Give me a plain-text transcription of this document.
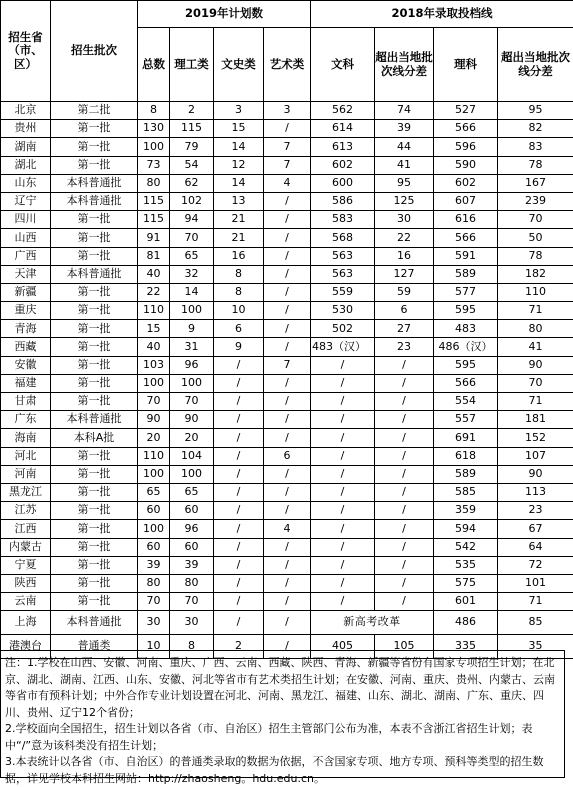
招生省（市、区）	招生批次	2019年计划数				2018年录取投档线			
		总数	理工类	文史类	艺术类	文科	超出当地批次线分差	理科	超出当地批次线分差
北京	第二批	8	2	3	3	562	74	527	95
贵州	第一批	130	115	15	/	614	39	566	82
湖南	第一批	100	79	14	7	613	44	596	83
湖北	第一批	73	54	12	7	602	41	590	78
山东	本科普通批	80	62	14	4	600	95	602	167
辽宁	本科普通批	115	102	13	/	586	125	607	239
四川	第一批	115	94	21	/	583	30	616	70
山西	第一批	91	70	21	/	568	22	566	50
广西	第一批	81	65	16	/	563	16	591	78
天津	本科普通批	40	32	8	/	563	127	589	182
新疆	第一批	22	14	8	/	559	59	577	110
重庆	第一批	110	100	10	/	530	6	595	71
青海	第一批	15	9	6	/	502	27	483	80
西藏	第一批	40	31	9	/	483（汉）	23	486（汉）	41
安徽	第一批	103	96	/	7	/	/	595	90
福建	第一批	100	100	/	/	/	/	566	70
甘肃	第一批	70	70	/	/	/	/	554	71
广东	本科普通批	90	90	/	/	/	/	557	181
海南	本科A批	20	20	/	/	/	/	691	152
河北	第一批	110	104	/	6	/	/	618	107
河南	第一批	100	100	/	/	/	/	589	90
黑龙江	第一批	65	65	/	/	/	/	585	113
江苏	第一批	60	60	/	/	/	/	359	23
江西	第一批	100	96	/	4	/	/	594	67
内蒙古	第一批	60	60	/	/	/	/	542	64
宁夏	第一批	39	39	/	/	/	/	535	72
陕西	第一批	80	80	/	/	/	/	575	101
云南	第一批	70	70	/	/	/	/	601	71
上海	本科普通批	30	30	/	/	新高考改革		486	85
港澳台	普通类	10	8	2	/	405	105	335	35

注：1.学校在山西、安徽、河南、重庆、广西、云南、西藏、陕西、青海、新疆等省份有国家专项招生计划；在北京、湖北、湖南、江西、山东、安徽、河北等省市有艺术类招生计划；在安徽、河南、重庆、贵州、内蒙古、云南等省市有预科计划；中外合作专业计划设置在河北、河南、黑龙江、福建、山东、湖北、湖南、广东、重庆、四川、贵州、辽宁12个省份；

2.学校面向全国招生，招生计划以各省（市、自治区）招生主管部门公布为准，本表不含浙江省招生计划；表中“/”意为该科类没有招生计划；

3.本表统计以各省（市、自治区）的普通类录取的数据为依据，不含国家专项、地方专项、预科等类型的招生数据，详见学校本科招生网站：http://zhaosheng。hdu.edu.cn。
